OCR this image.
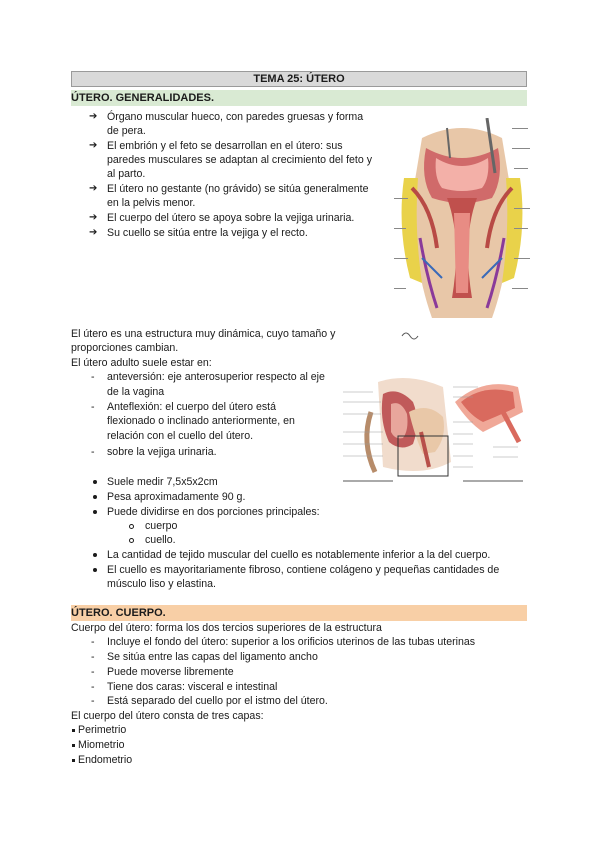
TEMA 25: ÚTERO
ÚTERO. GENERALIDADES.
➔ Órgano muscular hueco, con paredes gruesas y forma
de pera.
➔ El embrión y el feto se desarrollan en el útero: sus
paredes musculares se adaptan al crecimiento del feto y
al parto.
➔ El útero no gestante (no grávido) se sitúa generalmente
en la pelvis menor.
➔ El cuerpo del útero se apoya sobre la vejiga urinaria.
➔ Su cuello se sitúa entre la vejiga y el recto.
El útero es una estructura muy dinámica, cuyo tamaño y
proporciones cambian.
El útero adulto suele estar en:
- anteversión: eje anterosuperior respecto al eje
de la vagina
- Anteflexión: el cuerpo del útero está
flexionado o inclinado anteriormente, en
relación con el cuello del útero.
- sobre la vejiga urinaria.
Suele medir 7,5x5x2cm
Pesa aproximadamente 90 g.
Puede dividirse en dos porciones principales:
cuerpo
cuello.
La cantidad de tejido muscular del cuello es notablemente inferior a la del cuerpo.
El cuello es mayoritariamente fibroso, contiene colágeno y pequeñas cantidades de
músculo liso y elastina.
ÚTERO. CUERPO.
Cuerpo del útero: forma los dos tercios superiores de la estructura
- Incluye el fondo del útero: superior a los orificios uterinos de las tubas uterinas
- Se sitúa entre las capas del ligamento ancho
- Puede moverse libremente
- Tiene dos caras: visceral e intestinal
- Está separado del cuello por el istmo del útero.
El cuerpo del útero consta de tres capas:
Perimetrio
Miometrio
Endometrio
